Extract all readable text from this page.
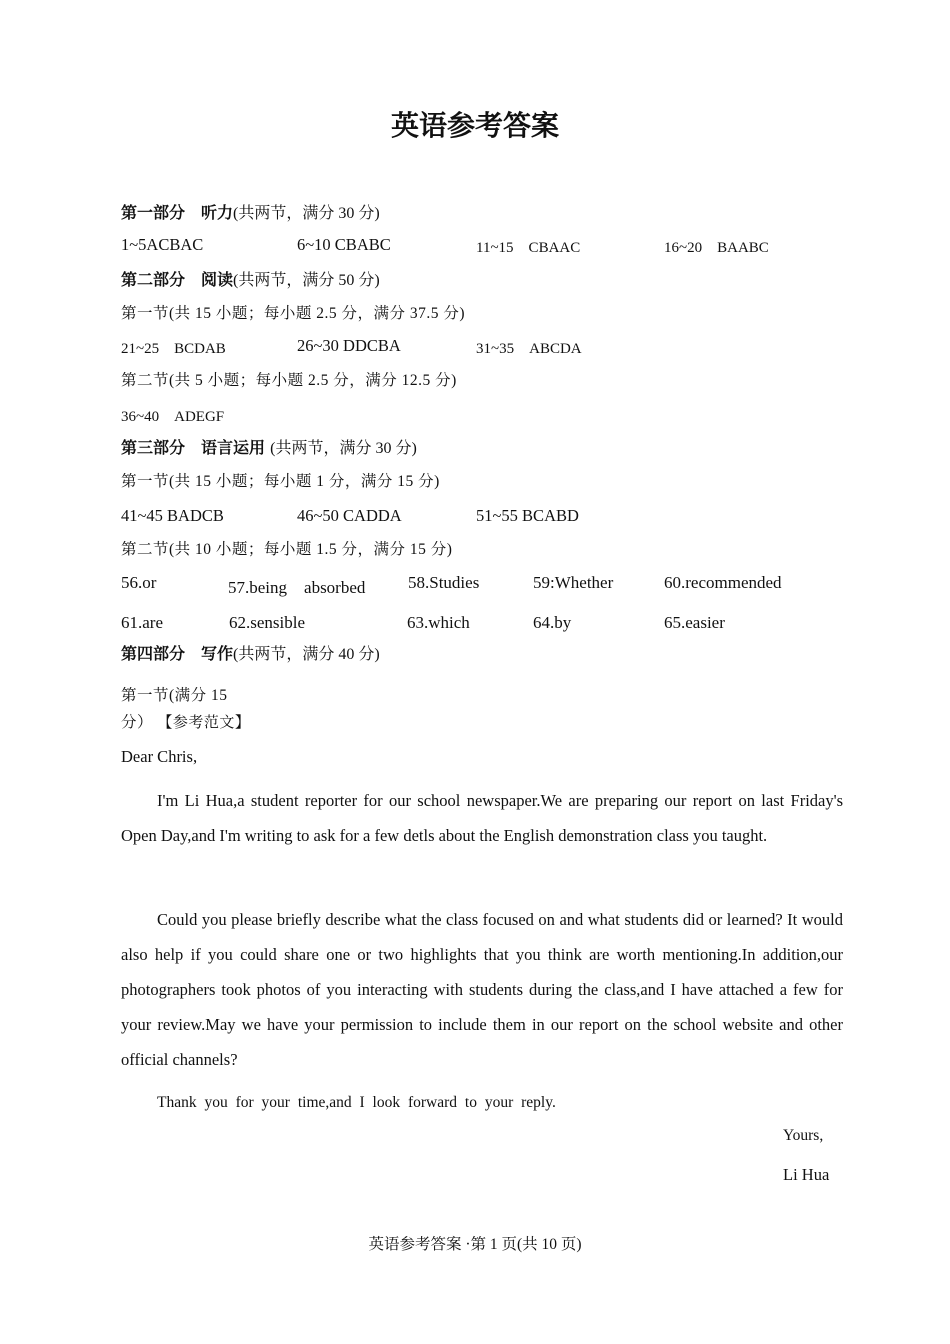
英语参考答案
第一部分　听力(共两节，满分 30 分)
1~5ACBAC	6~10 CBABC	11~15　CBAAC	16~20　BAABC
第二部分　阅读(共两节，满分 50 分)
第一节(共 15 小题；每小题 2.5 分，满分 37.5 分)
21~25　BCDAB	26~30 DDCBA	31~35　ABCDA
第二节(共 5 小题；每小题 2.5 分，满分 12.5 分)
36~40　ADEGF
第三部分　语言运用 (共两节，满分 30 分)
第一节(共 15 小题；每小题 1 分，满分 15 分)
41~45 BADCB	46~50 CADDA	51~55 BCABD
第二节(共 10 小题；每小题 1.5 分，满分 15 分)
56.or	57.being　absorbed	58.Studies	59:Whether	60.recommended
61.are	62.sensible	63.which	64.by	65.easier
第四部分　写作(共两节，满分 40 分)
第一节(满分 15
分） 【参考范文】
Dear Chris,
I'm Li Hua,a student reporter for our school newspaper.We are preparing our report on last Friday's Open Day,and I'm writing to ask for a few detls about the English demonstration class you taught.
Could you please briefly describe what the class focused on and what students did or learned? It would also help if you could share one or two highlights that you think are worth mentioning.In addition,our photographers took photos of you interacting with students during the class,and I have attached a few for your review.May we have your permission to include them in our report on the school website and other official channels?
Thank you for your time,and I look forward to your reply.
Yours,
Li Hua
英语参考答案 ·第 1 页(共 10 页)
